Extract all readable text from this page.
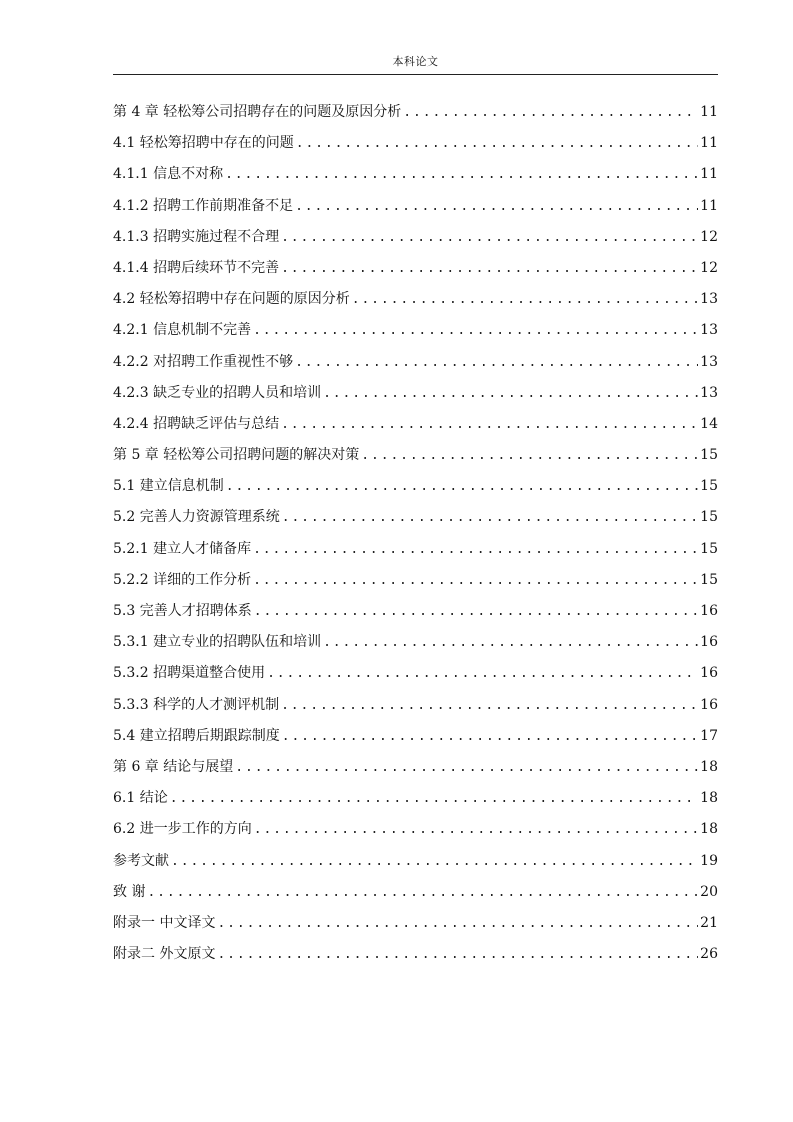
本科论文
第 4 章 轻松筹公司招聘存在的问题及原因分析 .....	11
4.1 轻松筹招聘中存在的问题 .....	11
4.1.1 信息不对称 .....	11
4.1.2 招聘工作前期准备不足 .....	11
4.1.3 招聘实施过程不合理 .....	12
4.1.4 招聘后续环节不完善 .....	12
4.2 轻松筹招聘中存在问题的原因分析 .....	13
4.2.1 信息机制不完善 .....	13
4.2.2 对招聘工作重视性不够 .....	13
4.2.3 缺乏专业的招聘人员和培训 .....	13
4.2.4 招聘缺乏评估与总结 .....	14
第 5 章 轻松筹公司招聘问题的解决对策 .....	15
5.1 建立信息机制 .....	15
5.2 完善人力资源管理系统 .....	15
5.2.1 建立人才储备库 .....	15
5.2.2 详细的工作分析 .....	15
5.3 完善人才招聘体系 .....	16
5.3.1 建立专业的招聘队伍和培训 .....	16
5.3.2 招聘渠道整合使用 .....	16
5.3.3 科学的人才测评机制 .....	16
5.4 建立招聘后期跟踪制度 .....	17
第 6 章 结论与展望 .....	18
6.1 结论 .....	18
6.2 进一步工作的方向 .....	18
参考文献 .....	19
致 谢 .....	20
附录一 中文译文 .....	21
附录二 外文原文 .....	26
